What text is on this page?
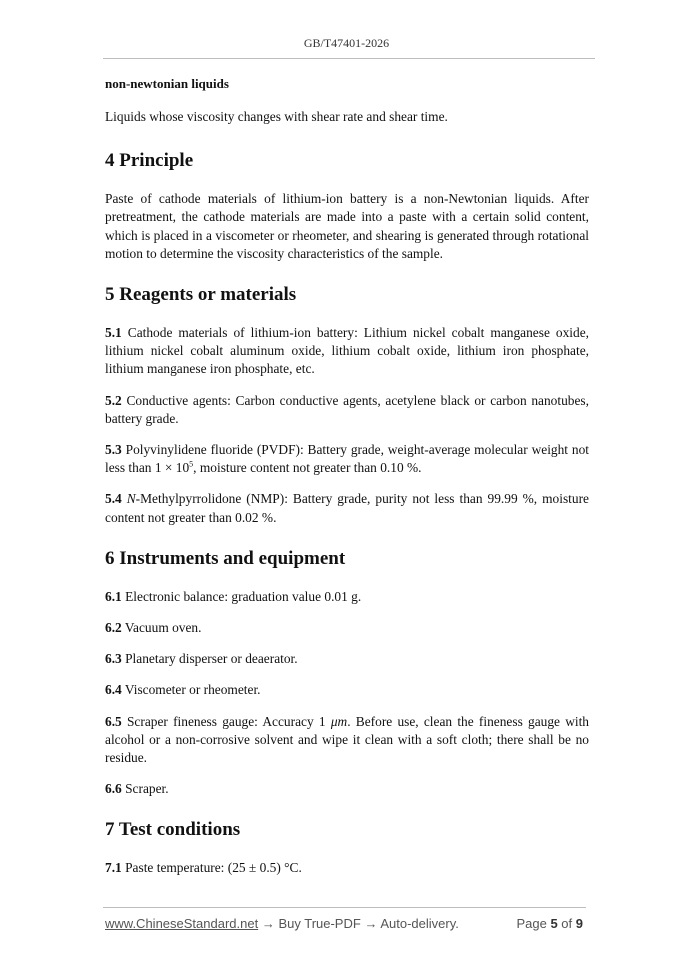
GB/T47401-2026
non-newtonian liquids

Liquids whose viscosity changes with shear rate and shear time.

4 Principle

Paste of cathode materials of lithium-ion battery is a non-Newtonian liquids. After pretreatment, the cathode materials are made into a paste with a certain solid content, which is placed in a viscometer or rheometer, and shearing is generated through rotational motion to determine the viscosity characteristics of the sample.

5 Reagents or materials

5.1 Cathode materials of lithium-ion battery: Lithium nickel cobalt manganese oxide, lithium nickel cobalt aluminum oxide, lithium cobalt oxide, lithium iron phosphate, lithium manganese iron phosphate, etc.

5.2 Conductive agents: Carbon conductive agents, acetylene black or carbon nanotubes, battery grade.

5.3 Polyvinylidene fluoride (PVDF): Battery grade, weight-average molecular weight not less than $1 \times 10^5$, moisture content not greater than 0.10 %.

5.4 N-Methylpyrrolidone (NMP): Battery grade, purity not less than 99.99 %, moisture content not greater than 0.02 %.

6 Instruments and equipment

6.1 Electronic balance: graduation value 0.01 g.

6.2 Vacuum oven.

6.3 Planetary disperser or deaerator.

6.4 Viscometer or rheometer.

6.5 Scraper fineness gauge: Accuracy 1 μm. Before use, clean the fineness gauge with alcohol or a non-corrosive solvent and wipe it clean with a soft cloth; there shall be no residue.

6.6 Scraper.

7 Test conditions

7.1 Paste temperature: (25 ± 0.5) °C.

www.ChineseStandard.net → Buy True-PDF → Auto-delivery.	Page 5 of 9
